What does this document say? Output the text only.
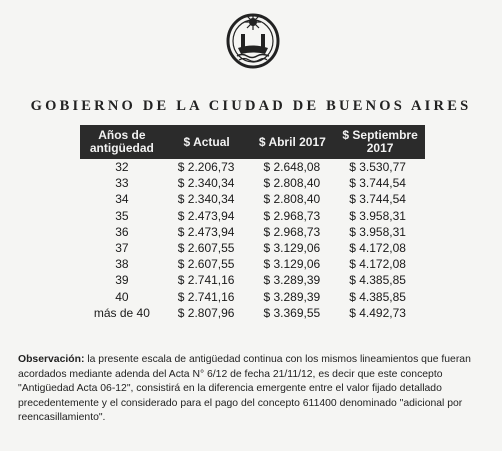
GOBIERNO DE LA CIUDAD DE BUENOS AIRES
Años de antigüedad	$ Actual	$ Abril 2017	$ Septiembre 2017
32	$ 2.206,73	$ 2.648,08	$ 3.530,77
33	$ 2.340,34	$ 2.808,40	$ 3.744,54
34	$ 2.340,34	$ 2.808,40	$ 3.744,54
35	$ 2.473,94	$ 2.968,73	$ 3.958,31
36	$ 2.473,94	$ 2.968,73	$ 3.958,31
37	$ 2.607,55	$ 3.129,06	$ 4.172,08
38	$ 2.607,55	$ 3.129,06	$ 4.172,08
39	$ 2.741,16	$ 3.289,39	$ 4.385,85
40	$ 2.741,16	$ 3.289,39	$ 4.385,85
más de 40	$ 2.807,96	$ 3.369,55	$ 4.492,73
Observación: la presente escala de antigüedad continua con los mismos lineamientos que fueran acordados mediante adenda del Acta N° 6/12 de fecha 21/11/12, es decir que este concepto "Antigüedad Acta 06-12", consistirá en la diferencia emergente entre el valor fijado detallado precedentemente y el considerado para el pago del concepto 611400 denominado "adicional por reencasillamiento".
